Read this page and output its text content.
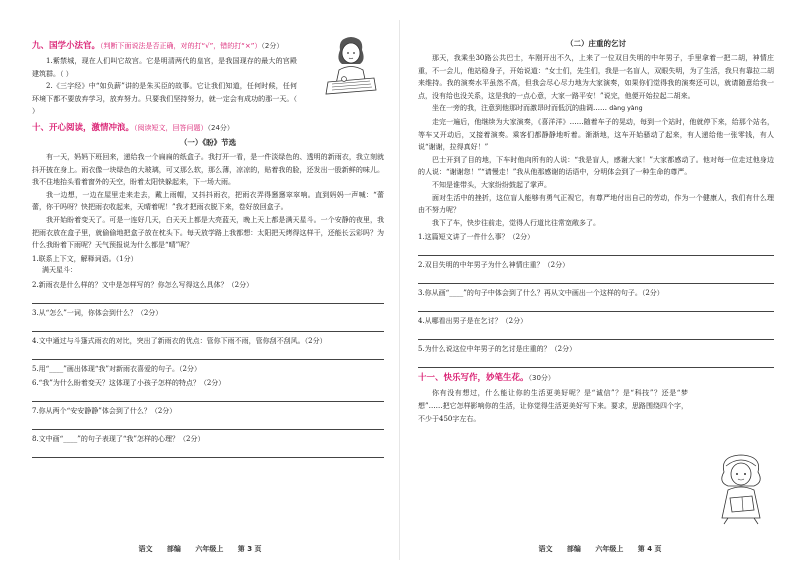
九、国学小法官。（判断下面说法是否正确，对的打“√”，错的打“×”）（2分）

1.紫禁城，现在人们叫它故宫。它是明清两代的皇宫，是我国现存的最大的宫殿建筑群。（ ）

2.《三字经》中“如负薪”讲的是朱买臣的故事。它让我们知道，任何时候，任何环境下都不要放弃学习，放弃努力。只要我们坚持努力，就一定会有成功的那一天。（ ）

十、开心阅读，激情冲浪。（阅读短文，回答问题）（24分）
（一）《盼》节选

有一天，妈妈下班回来，递给我一个扁扁的纸盒子。我打开一看，是一件淡绿色的、透明的新雨衣，我立刻就抖开披在身上。雨衣像一块绿色的大玻璃，可又那么软，那么薄，凉凉的，贴着我的脸，还发出一股新鲜的味儿。我不住地抬头看着窗外的天空，盼着太阳快躲起来，下一场大雨。

我一边想，一边在屋里走来走去，戴上雨帽，又抖抖雨衣，把雨衣弄得窸窸窣窣响。直到妈妈一声喊：“蕾蕾，你干吗呀？快把雨衣收起来，天晴着呢！”我才把雨衣脱下来，卷好放回盒子。

我开始盼着变天了。可是一连好几天，白天天上都是大亮蓝天，晚上天上都是满天星斗。一个安静的夜里，我把雨衣放在盒子里，就偷偷地把盒子放在枕头下。每天放学路上我都想：太阳把天烤得这样干，还能长云彩吗？为什么我盼着下雨呢？天气预报说为什么都是“晴”呢？

1.联系上下文，解释词语。（1分）

满天星斗：

2.新雨衣是什么样的？文中是怎样写的？你怎么写得这么具体？（2分）

3.从“怎么”一词，你体会到什么？（2分）

4.文中通过与斗篷式雨衣的对比，突出了新雨衣的优点：管你下雨不雨，管你刮不刮风。（2分）

5.用“____”画出体现“我”对新雨衣喜爱的句子。（2分）

6.“我”为什么盼着变天？这体现了小孩子怎样的特点？（2分）

7.你从两个“安安静静”体会到了什么？（2分）

8.文中画“____”的句子表现了“我”怎样的心理？（2分）

语文 部编 六年级上 第 3 页
（二）庄重的乞讨

那天，我乘坐30路公共巴士，车刚开出不久，上来了一位双目失明的中年男子，手里拿着一把二胡，神情庄重，不一会儿，他站稳身子，开始说道：“女士们，先生们，我是一名盲人，双眼失明，为了生活，我只有靠拉二胡来维持。我的演奏水平虽然不高，但我会尽心尽力地为大家演奏，如果你们觉得我的演奏还可以，就请随意给我一点，没有给也没关系，这是我的一点心意，大家一路平安！”说完，他便开始拉起二胡来。

坐在一旁的我，注意到他那时而激昂时而低沉的曲调…… dàng yàng

走完一遍后，他继续为大家演奏，《喜洋洋》……随着车子的晃动，每到一个站时，他就停下来，给那个站名，等车又开动后，又接着演奏。乘客们都静静地听着。渐渐地，这车开始骚动了起来，有人递给他一张零钱，有人说“谢谢，拉得真好！”

巴士开到了目的地，下车时他向所有的人说：“我是盲人，感谢大家！”大家都感动了。他对每一位走过他身边的人说：“谢谢您！”“请慢走！”我从他那感谢的话语中，分明体会到了一种生命的尊严。

不知是谁带头，大家纷纷鼓起了掌声。

面对生活中的挫折，这位盲人能够有勇气正视它，有尊严地付出自己的劳动，作为一个健康人，我们有什么理由不努力呢？

我下了车，快步往前走，觉得人行道比往常宽敞多了。

1.这篇短文讲了一件什么事？（2分）

2.双目失明的中年男子为什么神情庄重？（2分）

3.你从画“____”的句子中体会到了什么？再从文中画出一个这样的句子。（2分）

4.从哪看出男子是在乞讨？（2分）

5.为什么说这位中年男子的乞讨是庄重的？（2分）

十一、快乐写作，妙笔生花。（30分）

你有没有想过，什么能让你的生活更美好呢？是“诚信”？是“科技”？还是“梦想”……把它怎样影响你的生活，让你觉得生活更美好写下来。要求，思路围绕四个字，不少于450字左右。

语文 部编 六年级上 第 4 页
